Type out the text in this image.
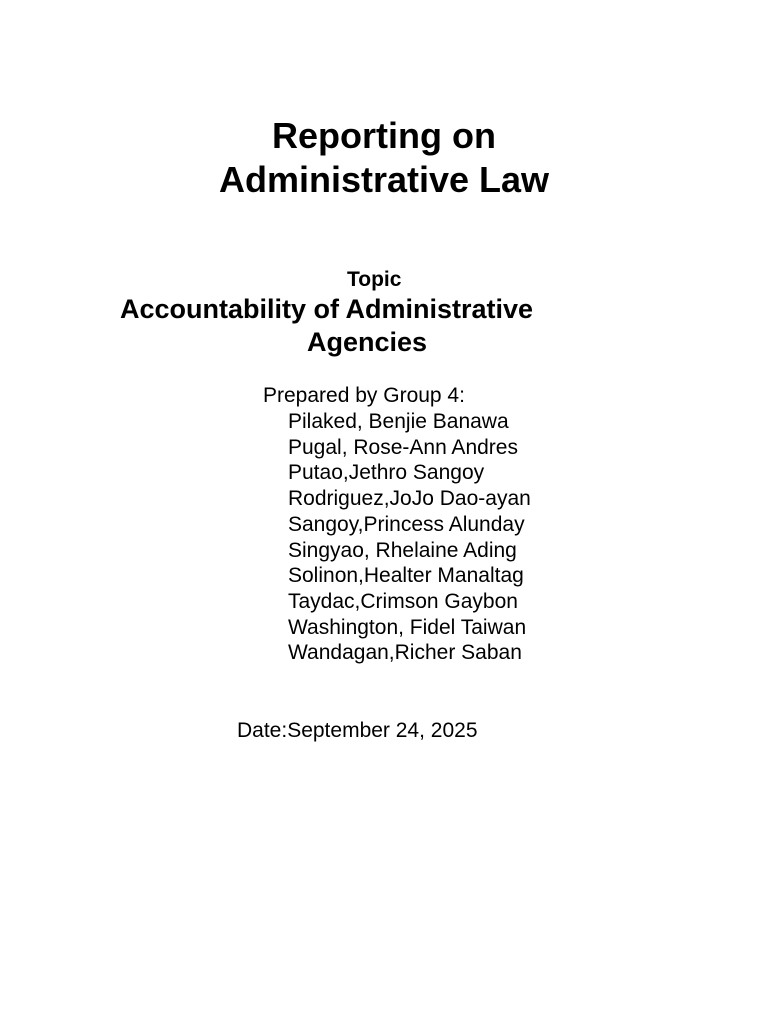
Reporting on
Administrative Law
Topic
Accountability of Administrative
Agencies
Prepared by Group 4:
Pilaked, Benjie Banawa
Pugal, Rose-Ann Andres
Putao,Jethro Sangoy
Rodriguez,JoJo Dao-ayan
Sangoy,Princess Alunday
Singyao, Rhelaine Ading
Solinon,Healter Manaltag
Taydac,Crimson Gaybon
Washington, Fidel Taiwan
Wandagan,Richer Saban
Date:September 24, 2025
